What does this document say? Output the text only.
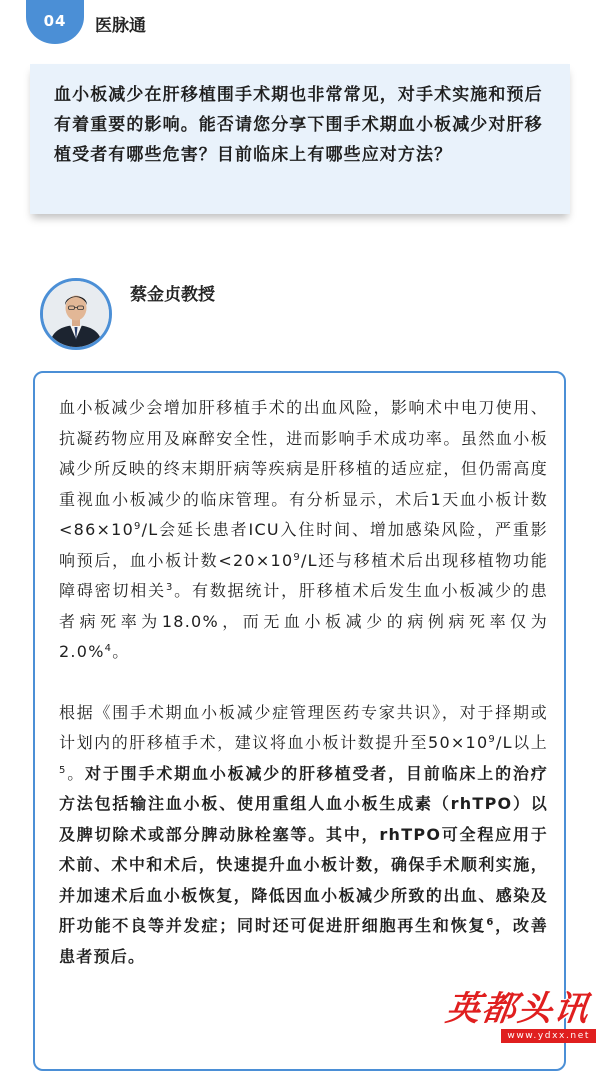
04	医脉通
血小板减少在肝移植围手术期也非常常见，对手术实施和预后有着重要的影响。能否请您分享下围手术期血小板减少对肝移植受者有哪些危害？目前临床上有哪些应对方法？
蔡金贞教授

血小板减少会增加肝移植手术的出血风险，影响术中电刀使用、抗凝药物应用及麻醉安全性，进而影响手术成功率。虽然血小板减少所反映的终末期肝病等疾病是肝移植的适应症，但仍需高度重视血小板减少的临床管理。有分析显示，术后1天血小板计数$<86\times 10^9/L$会延长患者ICU入住时间、增加感染风险，严重影响预后，血小板计数$<20\times 10^9/L$还与移植术后出现移植物功能障碍密切相关$^3$。有数据统计，肝移植术后发生血小板减少的患者病死率为18.0%，而无血小板减少的病例病死率仅为2.0%$^4$。

根据《围手术期血小板减少症管理医药专家共识》，对于择期或计划内的肝移植手术，建议将血小板计数提升至$50\times 10^9/L$以上$^5$。对于围手术期血小板减少的肝移植受者，目前临床上的治疗方法包括输注血小板、使用重组人血小板生成素（rhTPO）以及脾切除术或部分脾动脉栓塞等。其中，rhTPO可全程应用于术前、术中和术后，快速提升血小板计数，确保手术顺利实施，并加速术后血小板恢复，降低因血小板减少所致的出血、感染及肝功能不良等并发症；同时还可促进肝细胞再生和恢复$^6$，改善患者预后。

英都头讯
www.ydxx.net
